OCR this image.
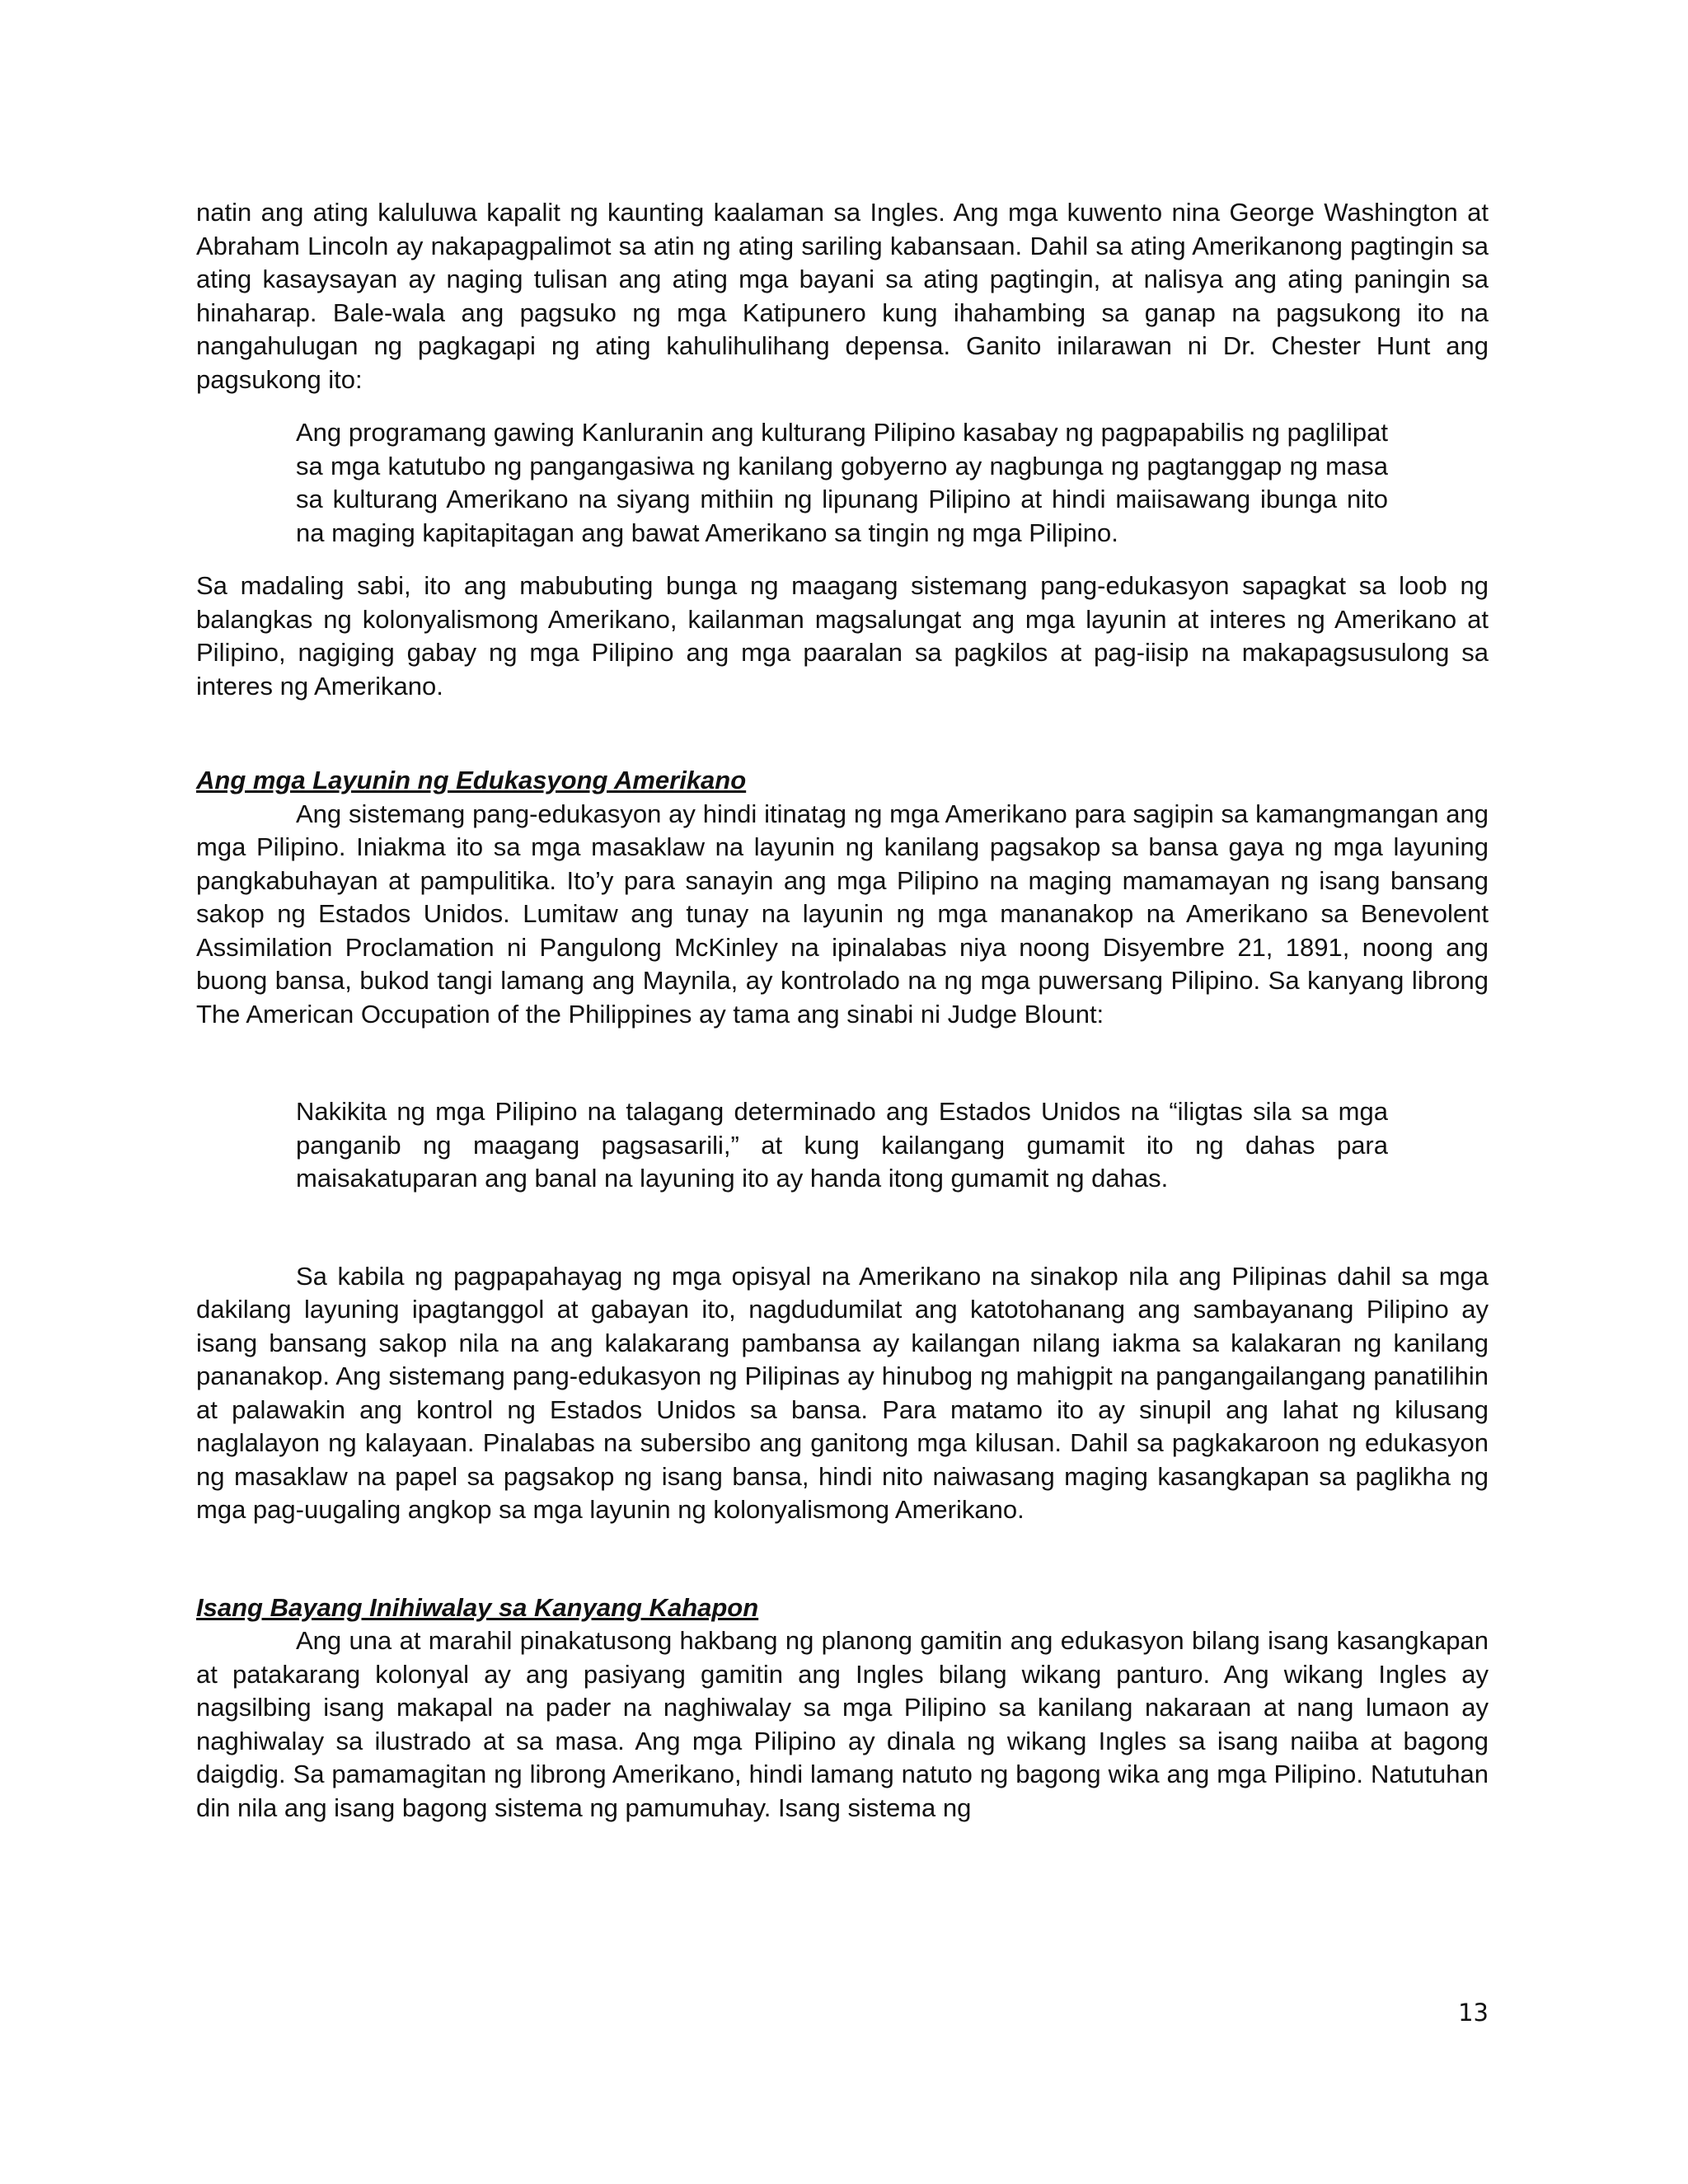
natin ang ating kaluluwa kapalit ng kaunting kaalaman sa Ingles. Ang mga kuwento nina George Washington at Abraham Lincoln ay nakapagpalimot sa atin ng ating sariling kabansaan. Dahil sa ating Amerikanong pagtingin sa ating kasaysayan ay naging tulisan ang ating mga bayani sa ating pagtingin, at nalisya ang ating paningin sa hinaharap. Bale-wala ang pagsuko ng mga Katipunero kung ihahambing sa ganap na pagsukong ito na nangahulugan ng pagkagapi ng ating kahulihulihang depensa. Ganito inilarawan ni Dr. Chester Hunt ang pagsukong ito:

Ang programang gawing Kanluranin ang kulturang Pilipino kasabay ng pagpapabilis ng paglilipat sa mga katutubo ng pangangasiwa ng kanilang gobyerno ay nagbunga ng pagtanggap ng masa sa kulturang Amerikano na siyang mithiin ng lipunang Pilipino at hindi maiisawang ibunga nito na maging kapitapitagan ang bawat Amerikano sa tingin ng mga Pilipino.

Sa madaling sabi, ito ang mabubuting bunga ng maagang sistemang pang-edukasyon sapagkat sa loob ng balangkas ng kolonyalismong Amerikano, kailanman magsalungat ang mga layunin at interes ng Amerikano at Pilipino, nagiging gabay ng mga Pilipino ang mga paaralan sa pagkilos at pag-iisip na makapagsusulong sa interes ng Amerikano.

Ang mga Layunin ng Edukasyong Amerikano

Ang sistemang pang-edukasyon ay hindi itinatag ng mga Amerikano para sagipin sa kamangmangan ang mga Pilipino. Iniakma ito sa mga masaklaw na layunin ng kanilang pagsakop sa bansa gaya ng mga layuning pangkabuhayan at pampulitika. Ito’y para sanayin ang mga Pilipino na maging mamamayan ng isang bansang sakop ng Estados Unidos. Lumitaw ang tunay na layunin ng mga mananakop na Amerikano sa Benevolent Assimilation Proclamation ni Pangulong McKinley na ipinalabas niya noong Disyembre 21, 1891, noong ang buong bansa, bukod tangi lamang ang Maynila, ay kontrolado na ng mga puwersang Pilipino. Sa kanyang librong The American Occupation of the Philippines ay tama ang sinabi ni Judge Blount:

Nakikita ng mga Pilipino na talagang determinado ang Estados Unidos na “iligtas sila sa mga panganib ng maagang pagsasarili,” at kung kailangang gumamit ito ng dahas para maisakatuparan ang banal na layuning ito ay handa itong gumamit ng dahas.

Sa kabila ng pagpapahayag ng mga opisyal na Amerikano na sinakop nila ang Pilipinas dahil sa mga dakilang layuning ipagtanggol at gabayan ito, nagdudumilat ang katotohanang ang sambayanang Pilipino ay isang bansang sakop nila na ang kalakarang pambansa ay kailangan nilang iakma sa kalakaran ng kanilang pananakop. Ang sistemang pang-edukasyon ng Pilipinas ay hinubog ng mahigpit na pangangailangang panatilihin at palawakin ang kontrol ng Estados Unidos sa bansa. Para matamo ito ay sinupil ang lahat ng kilusang naglalayon ng kalayaan. Pinalabas na subersibo ang ganitong mga kilusan. Dahil sa pagkakaroon ng edukasyon ng masaklaw na papel sa pagsakop ng isang bansa, hindi nito naiwasang maging kasangkapan sa paglikha ng mga pag-uugaling angkop sa mga layunin ng kolonyalismong Amerikano.

Isang Bayang Inihiwalay sa Kanyang Kahapon

Ang una at marahil pinakatusong hakbang ng planong gamitin ang edukasyon bilang isang kasangkapan at patakarang kolonyal ay ang pasiyang gamitin ang Ingles bilang wikang panturo. Ang wikang Ingles ay nagsilbing isang makapal na pader na naghiwalay sa mga Pilipino sa kanilang nakaraan at nang lumaon ay naghiwalay sa ilustrado at sa masa. Ang mga Pilipino ay dinala ng wikang Ingles sa isang naiiba at bagong daigdig. Sa pamamagitan ng librong Amerikano, hindi lamang natuto ng bagong wika ang mga Pilipino. Natutuhan din nila ang isang bagong sistema ng pamumuhay. Isang sistema ng

13
